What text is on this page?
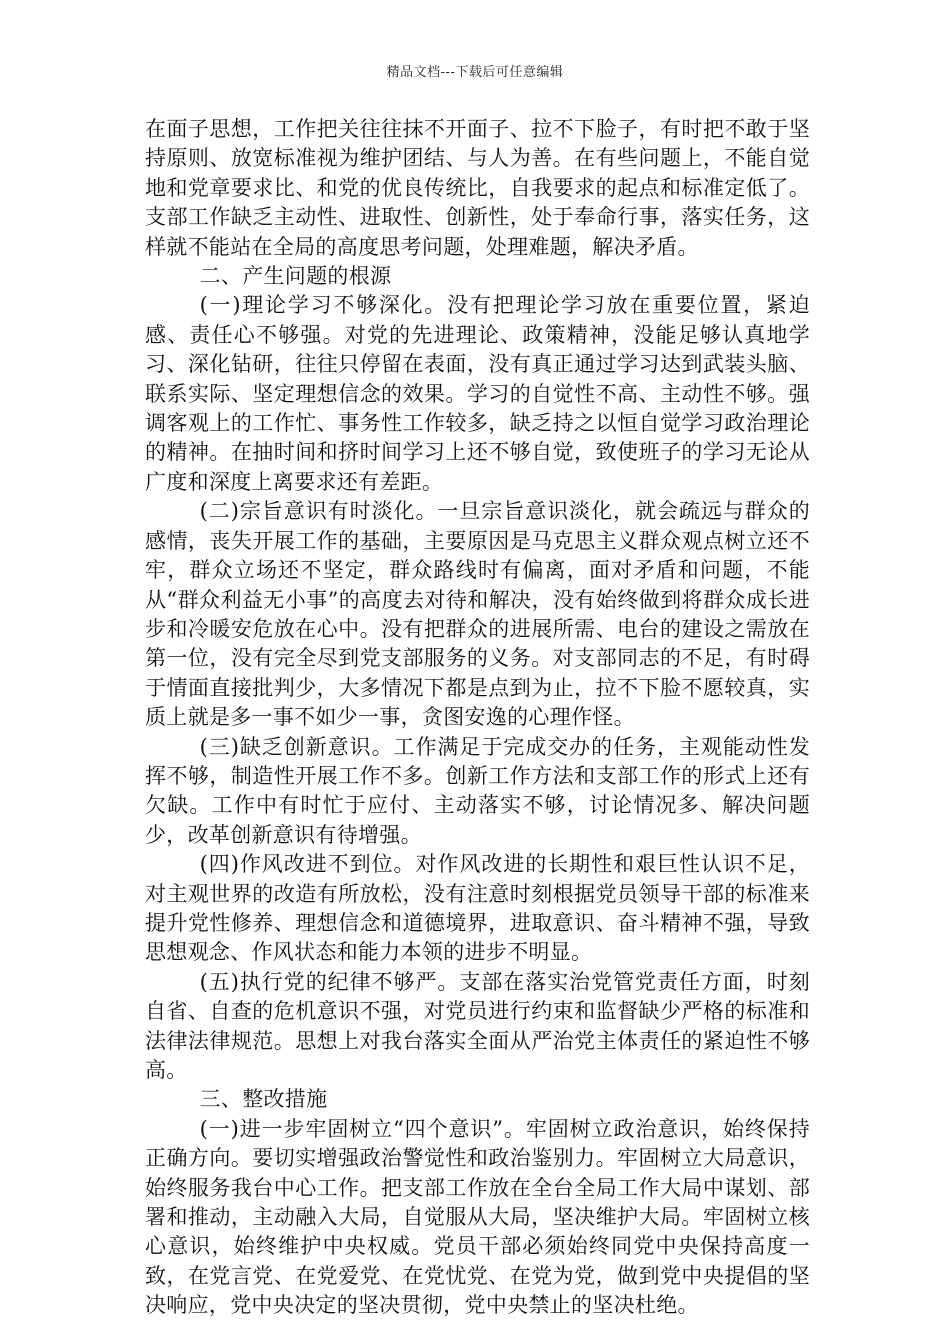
精品文档---下载后可任意编辑

在面子思想，工作把关往往抹不开面子、拉不下脸子，有时把不敢于坚持原则、放宽标准视为维护团结、与人为善。在有些问题上，不能自觉地和党章要求比、和党的优良传统比，自我要求的起点和标准定低了。支部工作缺乏主动性、进取性、创新性，处于奉命行事，落实任务，这样就不能站在全局的高度思考问题，处理难题，解决矛盾。

二、产生问题的根源

(一)理论学习不够深化。没有把理论学习放在重要位置，紧迫感、责任心不够强。对党的先进理论、政策精神，没能足够认真地学习、深化钻研，往往只停留在表面，没有真正通过学习达到武装头脑、联系实际、坚定理想信念的效果。学习的自觉性不高、主动性不够。强调客观上的工作忙、事务性工作较多，缺乏持之以恒自觉学习政治理论的精神。在抽时间和挤时间学习上还不够自觉，致使班子的学习无论从广度和深度上离要求还有差距。

(二)宗旨意识有时淡化。一旦宗旨意识淡化，就会疏远与群众的感情，丧失开展工作的基础，主要原因是马克思主义群众观点树立还不牢，群众立场还不坚定，群众路线时有偏离，面对矛盾和问题，不能从“群众利益无小事”的高度去对待和解决，没有始终做到将群众成长进步和冷暖安危放在心中。没有把群众的进展所需、电台的建设之需放在第一位，没有完全尽到党支部服务的义务。对支部同志的不足，有时碍于情面直接批判少，大多情况下都是点到为止，拉不下脸不愿较真，实质上就是多一事不如少一事，贪图安逸的心理作怪。

(三)缺乏创新意识。工作满足于完成交办的任务，主观能动性发挥不够，制造性开展工作不多。创新工作方法和支部工作的形式上还有欠缺。工作中有时忙于应付、主动落实不够，讨论情况多、解决问题少，改革创新意识有待增强。

(四)作风改进不到位。对作风改进的长期性和艰巨性认识不足，对主观世界的改造有所放松，没有注意时刻根据党员领导干部的标准来提升党性修养、理想信念和道德境界，进取意识、奋斗精神不强，导致思想观念、作风状态和能力本领的进步不明显。

(五)执行党的纪律不够严。支部在落实治党管党责任方面，时刻自省、自查的危机意识不强，对党员进行约束和监督缺少严格的标准和法律法律规范。思想上对我台落实全面从严治党主体责任的紧迫性不够高。

三、整改措施

(一)进一步牢固树立“四个意识”。牢固树立政治意识，始终保持正确方向。要切实增强政治警觉性和政治鉴别力。牢固树立大局意识，始终服务我台中心工作。把支部工作放在全台全局工作大局中谋划、部署和推动，主动融入大局，自觉服从大局，坚决维护大局。牢固树立核心意识，始终维护中央权威。党员干部必须始终同党中央保持高度一致，在党言党、在党爱党、在党忧党、在党为党，做到党中央提倡的坚决响应，党中央决定的坚决贯彻，党中央禁止的坚决杜绝。
